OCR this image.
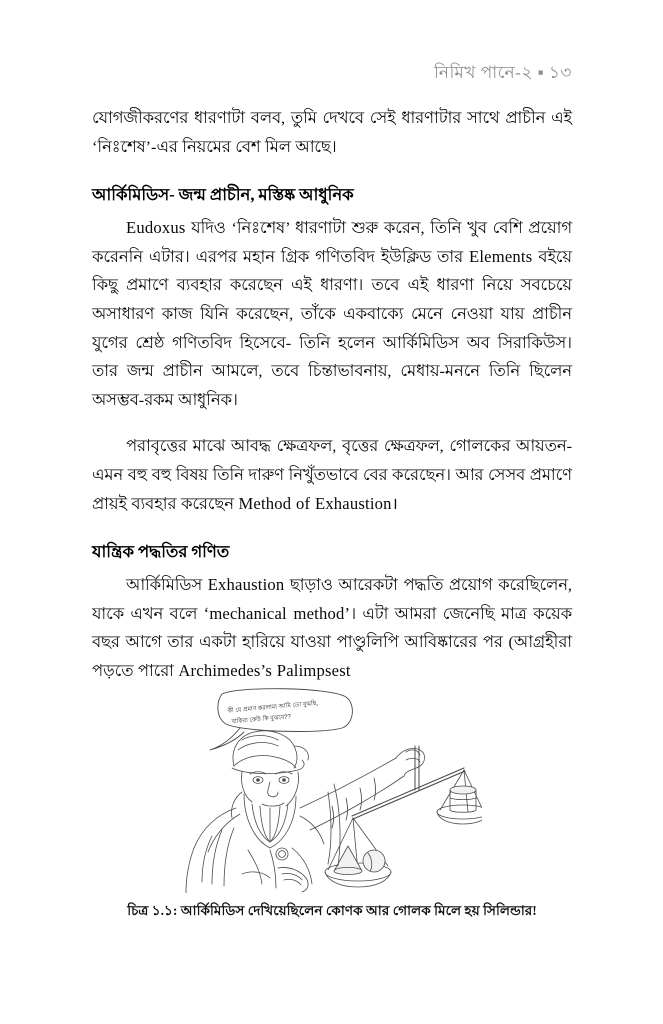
নিমিখ পানে-২ ▪ ১৩

যোগজীকরণের ধারণাটা বলব, তুমি দেখবে সেই ধারণাটার সাথে প্রাচীন এই ‘নিঃশেষ’-এর নিয়মের বেশ মিল আছে।

আর্কিমিডিস- জন্ম প্রাচীন, মস্তিষ্ক আধুনিক

Eudoxus যদিও ‘নিঃশেষ’ ধারণাটা শুরু করেন, তিনি খুব বেশি প্রয়োগ করেননি এটার। এরপর মহান গ্রিক গণিতবিদ ইউক্লিড তার Elements বইয়ে কিছু প্রমাণে ব্যবহার করেছেন এই ধারণা। তবে এই ধারণা নিয়ে সবচেয়ে অসাধারণ কাজ যিনি করেছেন, তাঁকে একবাক্যে মেনে নেওয়া যায় প্রাচীন যুগের শ্রেষ্ঠ গণিতবিদ হিসেবে- তিনি হলেন আর্কিমিডিস অব সিরাকিউস। তার জন্ম প্রাচীন আমলে, তবে চিন্তাভাবনায়, মেধায়-মননে তিনি ছিলেন অসম্ভব-রকম আধুনিক।

পরাবৃত্তের মাঝে আবদ্ধ ক্ষেত্রফল, বৃত্তের ক্ষেত্রফল, গোলকের আয়তন- এমন বহু বহু বিষয় তিনি দারুণ নিখুঁতভাবে বের করেছেন। আর সেসব প্রমাণে প্রায়ই ব্যবহার করেছেন Method of Exhaustion।

যান্ত্রিক পদ্ধতির গণিত

আর্কিমিডিস Exhaustion ছাড়াও আরেকটা পদ্ধতি প্রয়োগ করেছিলেন, যাকে এখন বলে ‘mechanical method’। এটা আমরা জেনেছি মাত্র কয়েক বছর আগে তার একটা হারিয়ে যাওয়া পাণ্ডুলিপি আবিষ্কারের পর (আগ্রহীরা পড়তে পারো Archimedes’s Palimpsest

কী যে প্রমাণ করলাম! আমি তো বুঝছি,
বাকিরা কেউ কি বুঝবে??
চিত্র ১.১: আর্কিমিডিস দেখিয়েছিলেন কোণক আর গোলক মিলে হয় সিলিন্ডার!
